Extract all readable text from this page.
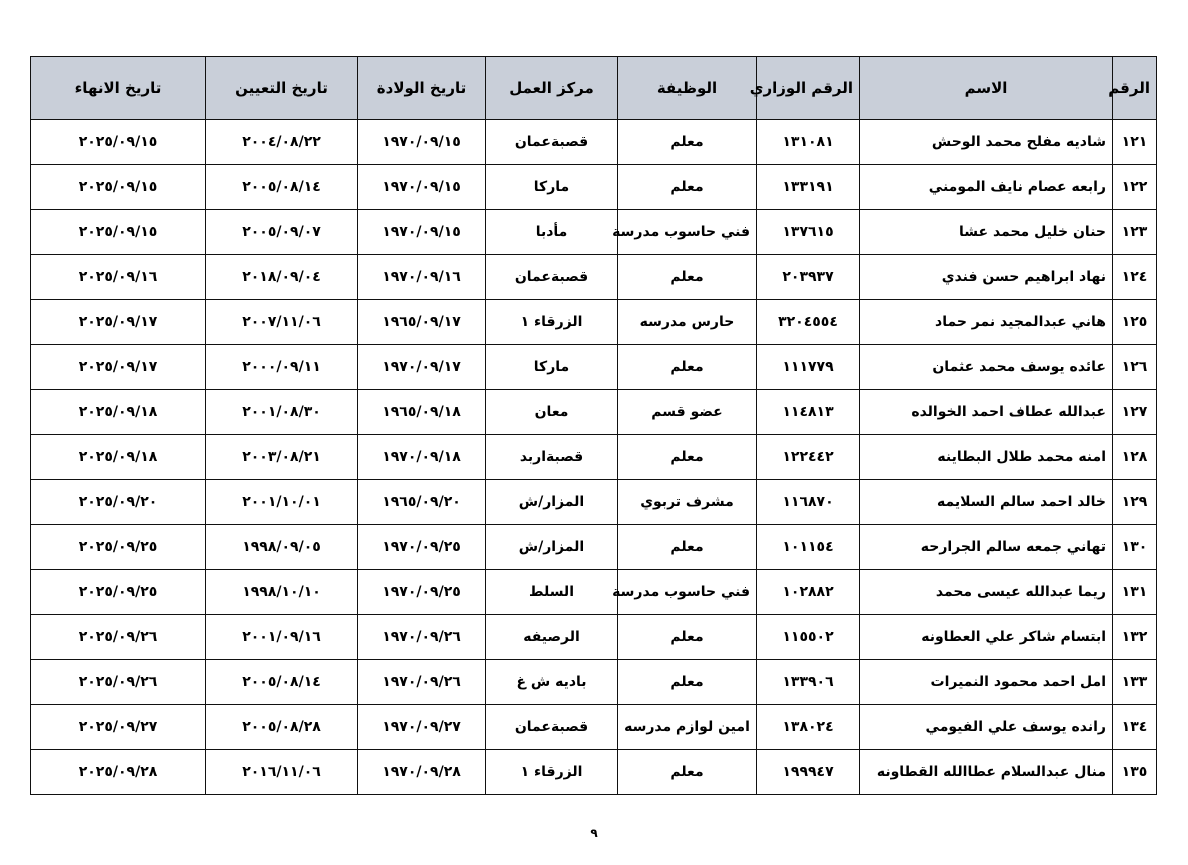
الرقم	الاسم	الرقم الوزاري	الوظيفة	مركز العمل	تاريخ الولادة	تاريخ التعيين	تاريخ الانهاء
١٢١	شاديه مفلح محمد الوحش	١٣١٠٨١	معلم	قصبةعمان	١٩٧٠/٠٩/١٥	٢٠٠٤/٠٨/٢٢	٢٠٢٥/٠٩/١٥
١٢٢	رابعه عصام نايف المومني	١٣٣١٩١	معلم	ماركا	١٩٧٠/٠٩/١٥	٢٠٠٥/٠٨/١٤	٢٠٢٥/٠٩/١٥
١٢٣	حنان خليل محمد عشا	١٣٧٦١٥	فني حاسوب مدرسة	مأدبا	١٩٧٠/٠٩/١٥	٢٠٠٥/٠٩/٠٧	٢٠٢٥/٠٩/١٥
١٢٤	نهاد ابراهيم حسن فندي	٢٠٣٩٣٧	معلم	قصبةعمان	١٩٧٠/٠٩/١٦	٢٠١٨/٠٩/٠٤	٢٠٢٥/٠٩/١٦
١٢٥	هاني عبدالمجيد نمر حماد	٣٢٠٤٥٥٤	حارس مدرسه	الزرقاء ١	١٩٦٥/٠٩/١٧	٢٠٠٧/١١/٠٦	٢٠٢٥/٠٩/١٧
١٢٦	عائده يوسف محمد عثمان	١١١٧٧٩	معلم	ماركا	١٩٧٠/٠٩/١٧	٢٠٠٠/٠٩/١١	٢٠٢٥/٠٩/١٧
١٢٧	عبدالله عطاف احمد الخوالده	١١٤٨١٣	عضو قسم	معان	١٩٦٥/٠٩/١٨	٢٠٠١/٠٨/٣٠	٢٠٢٥/٠٩/١٨
١٢٨	امنه محمد طلال البطاينه	١٢٢٤٤٢	معلم	قصبةاربد	١٩٧٠/٠٩/١٨	٢٠٠٣/٠٨/٢١	٢٠٢٥/٠٩/١٨
١٢٩	خالد احمد سالم السلايمه	١١٦٨٧٠	مشرف تربوي	المزار/ش	١٩٦٥/٠٩/٢٠	٢٠٠١/١٠/٠١	٢٠٢٥/٠٩/٢٠
١٣٠	تهاني جمعه سالم الجرارحه	١٠١١٥٤	معلم	المزار/ش	١٩٧٠/٠٩/٢٥	١٩٩٨/٠٩/٠٥	٢٠٢٥/٠٩/٢٥
١٣١	ريما عبدالله عيسى محمد	١٠٢٨٨٢	فني حاسوب مدرسة	السلط	١٩٧٠/٠٩/٢٥	١٩٩٨/١٠/١٠	٢٠٢٥/٠٩/٢٥
١٣٢	ابتسام شاكر علي العطاونه	١١٥٥٠٢	معلم	الرصيفه	١٩٧٠/٠٩/٢٦	٢٠٠١/٠٩/١٦	٢٠٢٥/٠٩/٢٦
١٣٣	امل احمد محمود النميرات	١٣٣٩٠٦	معلم	باديه ش غ	١٩٧٠/٠٩/٢٦	٢٠٠٥/٠٨/١٤	٢٠٢٥/٠٩/٢٦
١٣٤	رانده يوسف علي الفيومي	١٣٨٠٢٤	امين لوازم مدرسه	قصبةعمان	١٩٧٠/٠٩/٢٧	٢٠٠٥/٠٨/٢٨	٢٠٢٥/٠٩/٢٧
١٣٥	منال عبدالسلام عطاالله القطاونه	١٩٩٩٤٧	معلم	الزرقاء ١	١٩٧٠/٠٩/٢٨	٢٠١٦/١١/٠٦	٢٠٢٥/٠٩/٢٨
٩
